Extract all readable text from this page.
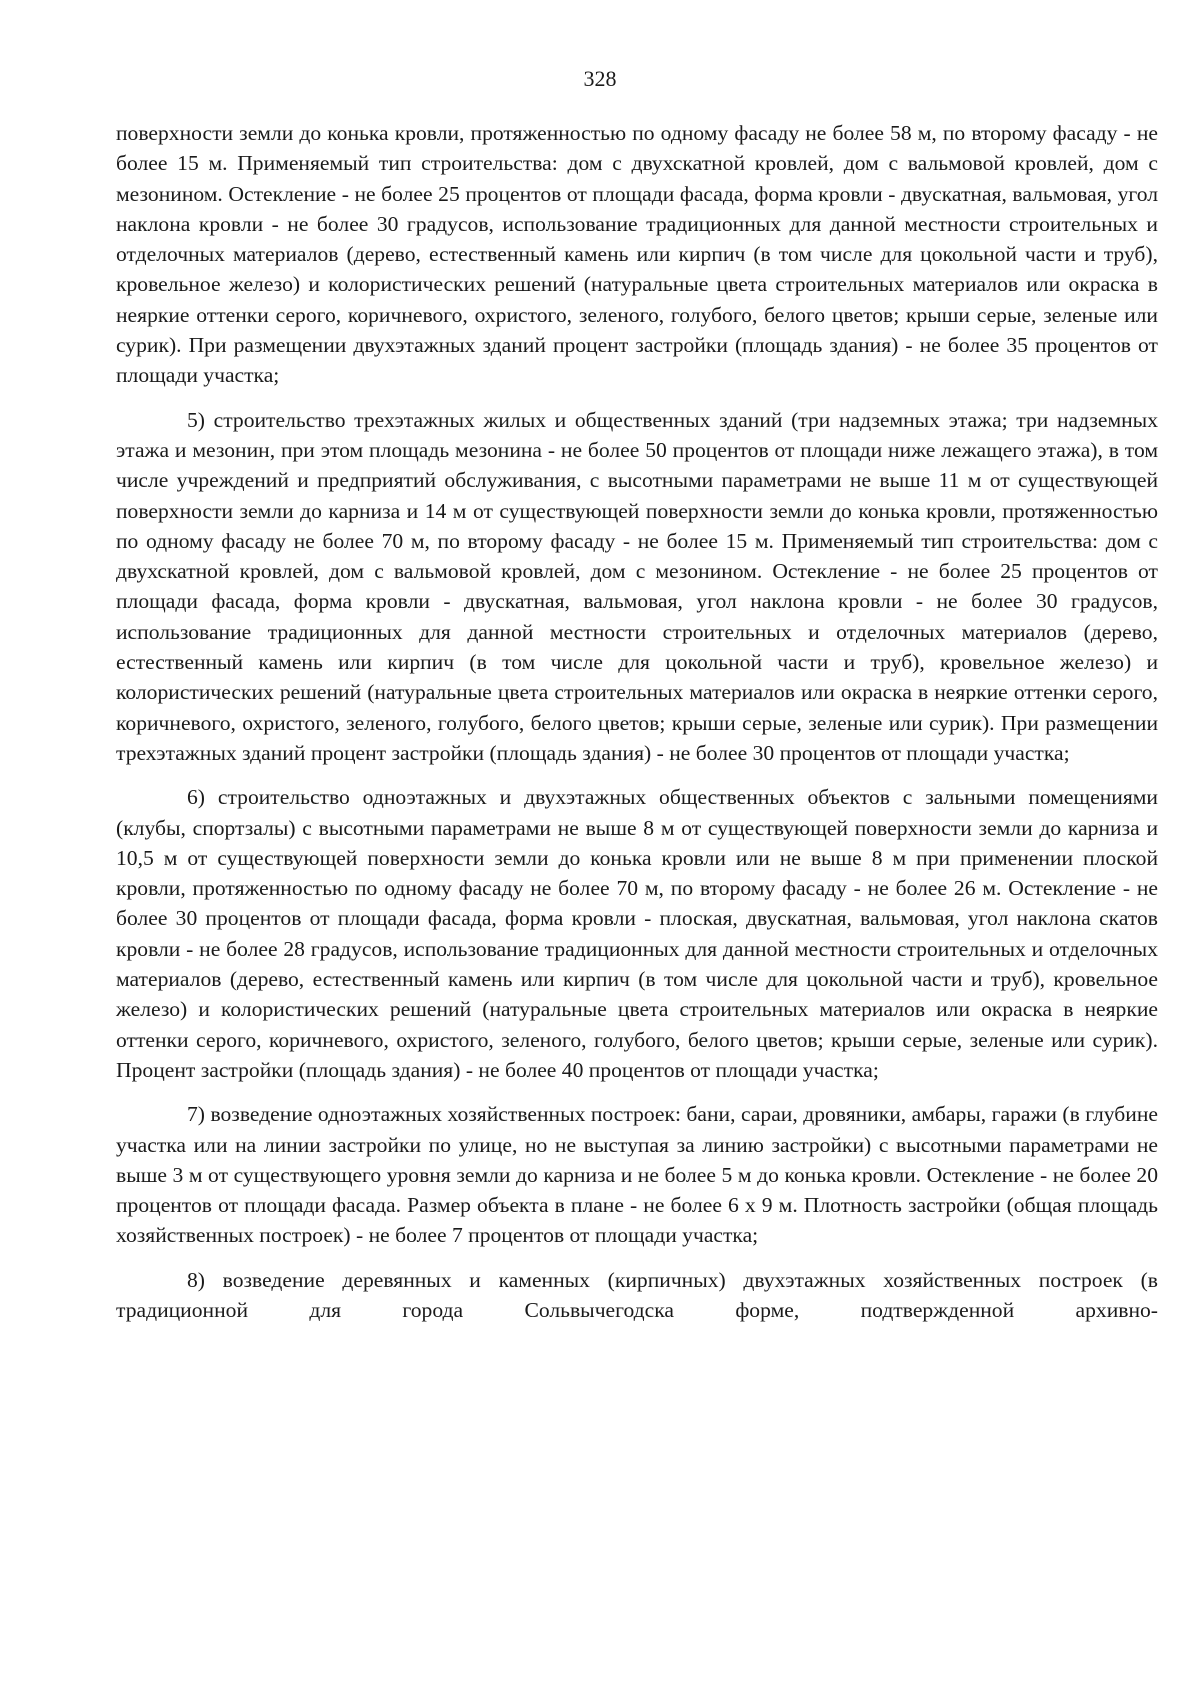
328

поверхности земли до конька кровли, протяженностью по одному фасаду не более 58 м, по второму фасаду - не более 15 м. Применяемый тип строительства: дом с двухскатной кровлей, дом с вальмовой кровлей, дом с мезонином. Остекление - не более 25 процентов от площади фасада, форма кровли - двускатная, вальмовая, угол наклона кровли - не более 30 градусов, использование традиционных для данной местности строительных и отделочных материалов (дерево, естественный камень или кирпич (в том числе для цокольной части и труб), кровельное железо) и колористических решений (натуральные цвета строительных материалов или окраска в неяркие оттенки серого, коричневого, охристого, зеленого, голубого, белого цветов; крыши серые, зеленые или сурик). При размещении двухэтажных зданий процент застройки (площадь здания) - не более 35 процентов от площади участка;

5) строительство трехэтажных жилых и общественных зданий (три надземных этажа; три надземных этажа и мезонин, при этом площадь мезонина - не более 50 процентов от площади ниже лежащего этажа), в том числе учреждений и предприятий обслуживания, с высотными параметрами не выше 11 м от существующей поверхности земли до карниза и 14 м от существующей поверхности земли до конька кровли, протяженностью по одному фасаду не более 70 м, по второму фасаду - не более 15 м. Применяемый тип строительства: дом с двухскатной кровлей, дом с вальмовой кровлей, дом с мезонином. Остекление - не более 25 процентов от площади фасада, форма кровли - двускатная, вальмовая, угол наклона кровли - не более 30 градусов, использование традиционных для данной местности строительных и отделочных материалов (дерево, естественный камень или кирпич (в том числе для цокольной части и труб), кровельное железо) и колористических решений (натуральные цвета строительных материалов или окраска в неяркие оттенки серого, коричневого, охристого, зеленого, голубого, белого цветов; крыши серые, зеленые или сурик). При размещении трехэтажных зданий процент застройки (площадь здания) - не более 30 процентов от площади участка;

6) строительство одноэтажных и двухэтажных общественных объектов с зальными помещениями (клубы, спортзалы) с высотными параметрами не выше 8 м от существующей поверхности земли до карниза и 10,5 м от существующей поверхности земли до конька кровли или не выше 8 м при применении плоской кровли, протяженностью по одному фасаду не более 70 м, по второму фасаду - не более 26 м. Остекление - не более 30 процентов от площади фасада, форма кровли - плоская, двускатная, вальмовая, угол наклона скатов кровли - не более 28 градусов, использование традиционных для данной местности строительных и отделочных материалов (дерево, естественный камень или кирпич (в том числе для цокольной части и труб), кровельное железо) и колористических решений (натуральные цвета строительных материалов или окраска в неяркие оттенки серого, коричневого, охристого, зеленого, голубого, белого цветов; крыши серые, зеленые или сурик). Процент застройки (площадь здания) - не более 40 процентов от площади участка;

7) возведение одноэтажных хозяйственных построек: бани, сараи, дровяники, амбары, гаражи (в глубине участка или на линии застройки по улице, но не выступая за линию застройки) с высотными параметрами не выше 3 м от существующего уровня земли до карниза и не более 5 м до конька кровли. Остекление - не более 20 процентов от площади фасада. Размер объекта в плане - не более 6 х 9 м. Плотность застройки (общая площадь хозяйственных построек) - не более 7 процентов от площади участка;

8) возведение деревянных и каменных (кирпичных) двухэтажных хозяйственных построек (в традиционной для города Сольвычегодска форме, подтвержденной архивно-
